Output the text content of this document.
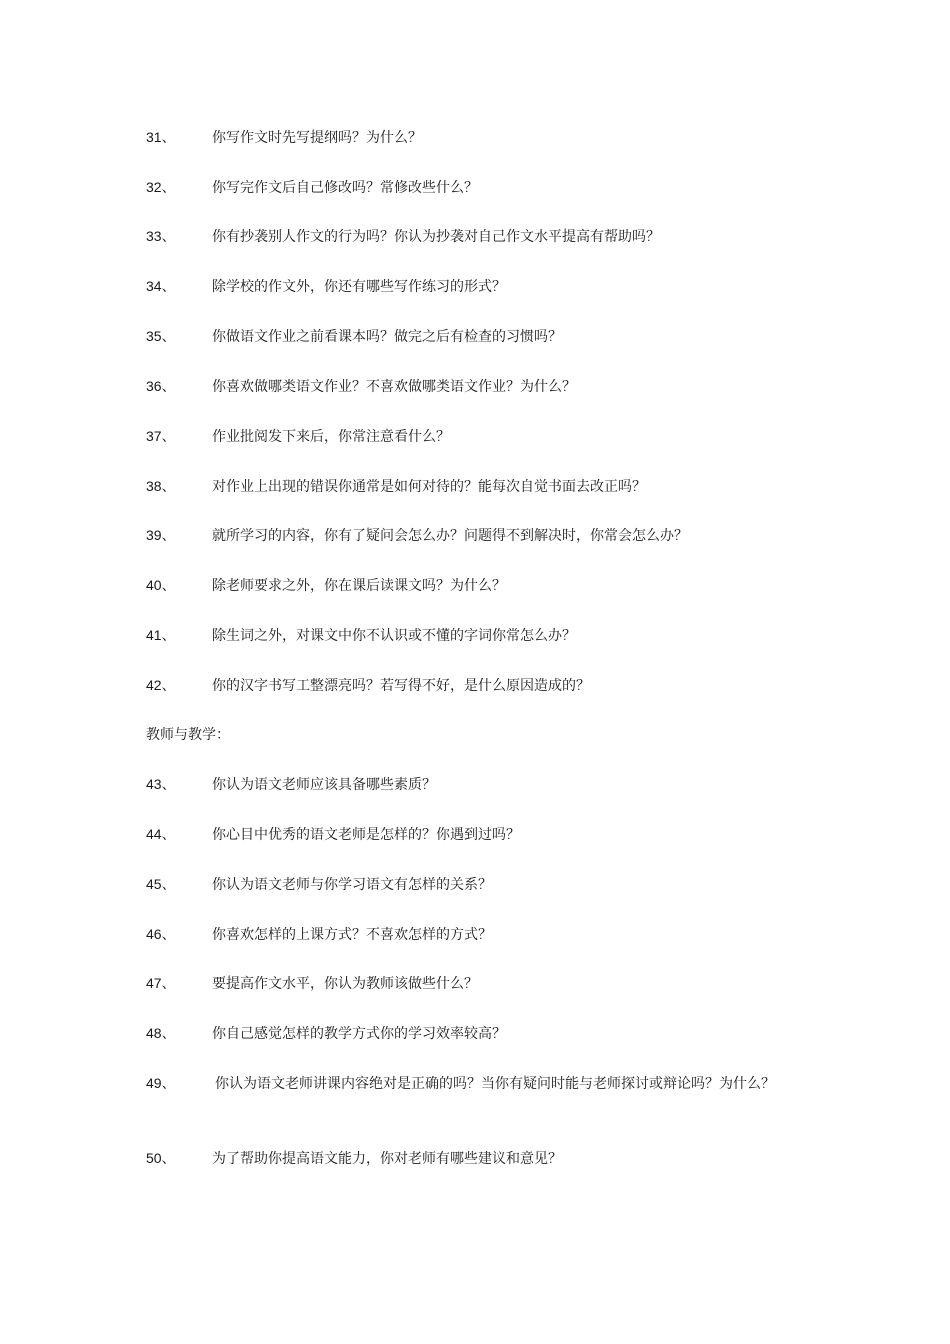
31、	你写作文时先写提纲吗？为什么？
32、	你写完作文后自己修改吗？常修改些什么？
33、	你有抄袭别人作文的行为吗？你认为抄袭对自己作文水平提高有帮助吗？
34、	除学校的作文外，你还有哪些写作练习的形式？
35、	你做语文作业之前看课本吗？做完之后有检查的习惯吗？
36、	你喜欢做哪类语文作业？不喜欢做哪类语文作业？为什么？
37、	作业批阅发下来后，你常注意看什么？
38、	对作业上出现的错误你通常是如何对待的？能每次自觉书面去改正吗？
39、	就所学习的内容，你有了疑问会怎么办？问题得不到解决时，你常会怎么办？
40、	除老师要求之外，你在课后读课文吗？为什么？
41、	除生词之外，对课文中你不认识或不懂的字词你常怎么办？
42、	你的汉字书写工整漂亮吗？若写得不好，是什么原因造成的？
教师与教学：
43、	你认为语文老师应该具备哪些素质？
44、	你心目中优秀的语文老师是怎样的？你遇到过吗？
45、	你认为语文老师与你学习语文有怎样的关系？
46、	你喜欢怎样的上课方式？不喜欢怎样的方式？
47、	要提高作文水平，你认为教师该做些什么？
48、	你自己感觉怎样的教学方式你的学习效率较高？
49、	你认为语文老师讲课内容绝对是正确的吗？当你有疑问时能与老师探讨或辩论吗？为什么？
50、	为了帮助你提高语文能力，你对老师有哪些建议和意见？
